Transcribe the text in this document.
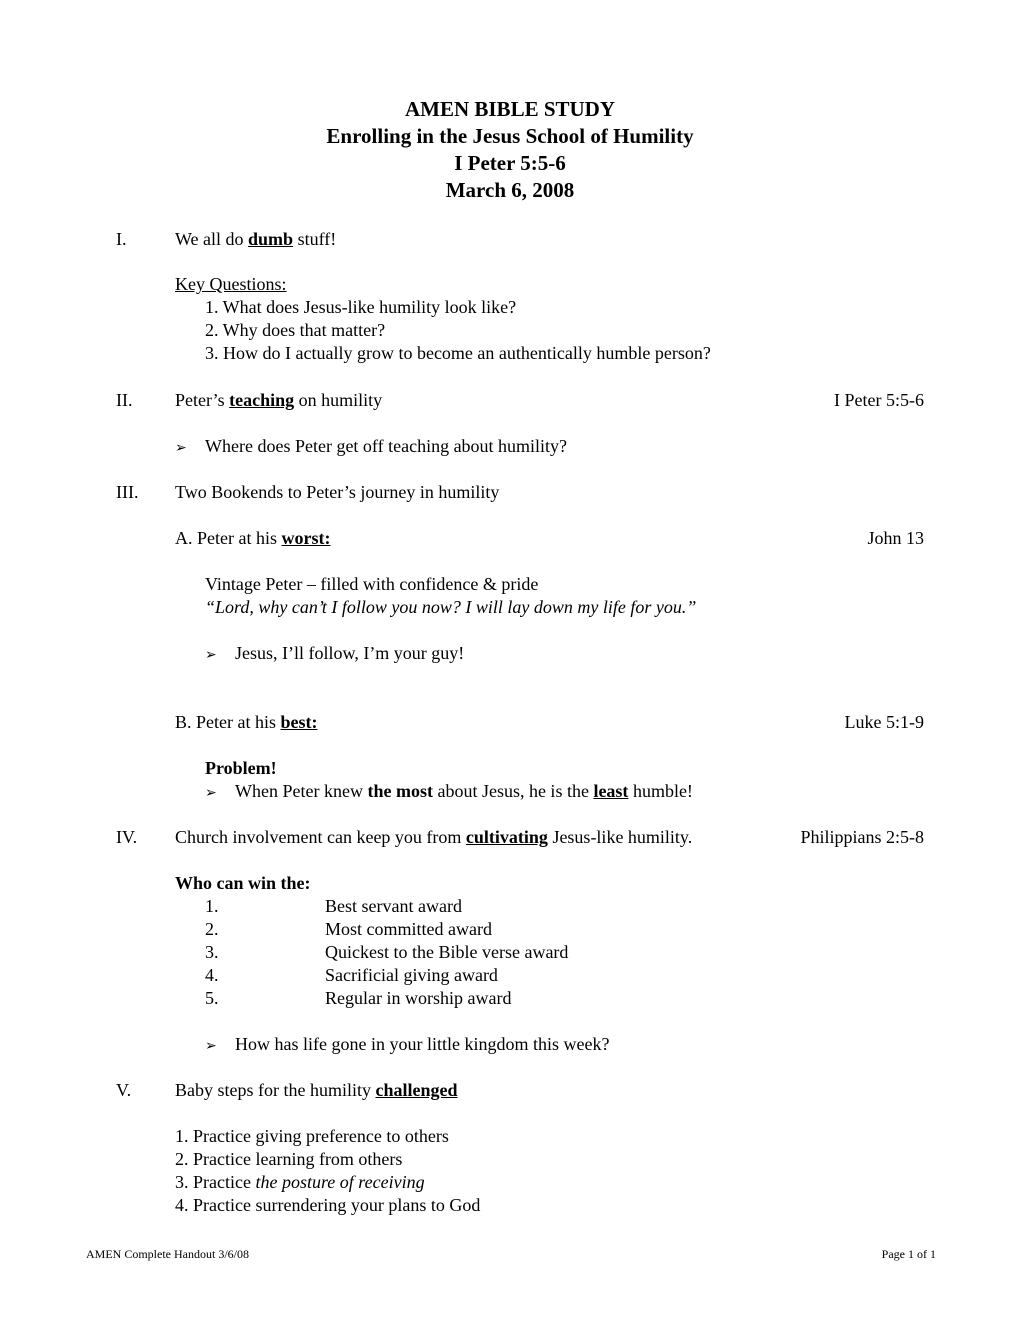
AMEN BIBLE STUDY
Enrolling in the Jesus School of Humility
I Peter 5:5-6
March 6, 2008
I.	We all do dumb stuff!
Key Questions:
1. What does Jesus-like humility look like?
2. Why does that matter?
3. How do I actually grow to become an authentically humble person?
II. Peter’s teaching on humility	I Peter 5:5-6
➢ Where does Peter get off teaching about humility?
III. Two Bookends to Peter’s journey in humility
A. Peter at his worst:	John 13
Vintage Peter – filled with confidence & pride
“Lord, why can’t I follow you now? I will lay down my life for you.”
➢ Jesus, I’ll follow, I’m your guy!
B. Peter at his best:	Luke 5:1-9
Problem!
➢ When Peter knew the most about Jesus, he is the least humble!
IV. Church involvement can keep you from cultivating Jesus-like humility.	Philippians 2:5-8
Who can win the:
1.	Best servant award
2.	Most committed award
3.	Quickest to the Bible verse award
4.	Sacrificial giving award
5.	Regular in worship award
➢ How has life gone in your little kingdom this week?
V. Baby steps for the humility challenged
1. Practice giving preference to others
2. Practice learning from others
3. Practice the posture of receiving
4. Practice surrendering your plans to God
AMEN Complete Handout 3/6/08	Page 1 of 1
